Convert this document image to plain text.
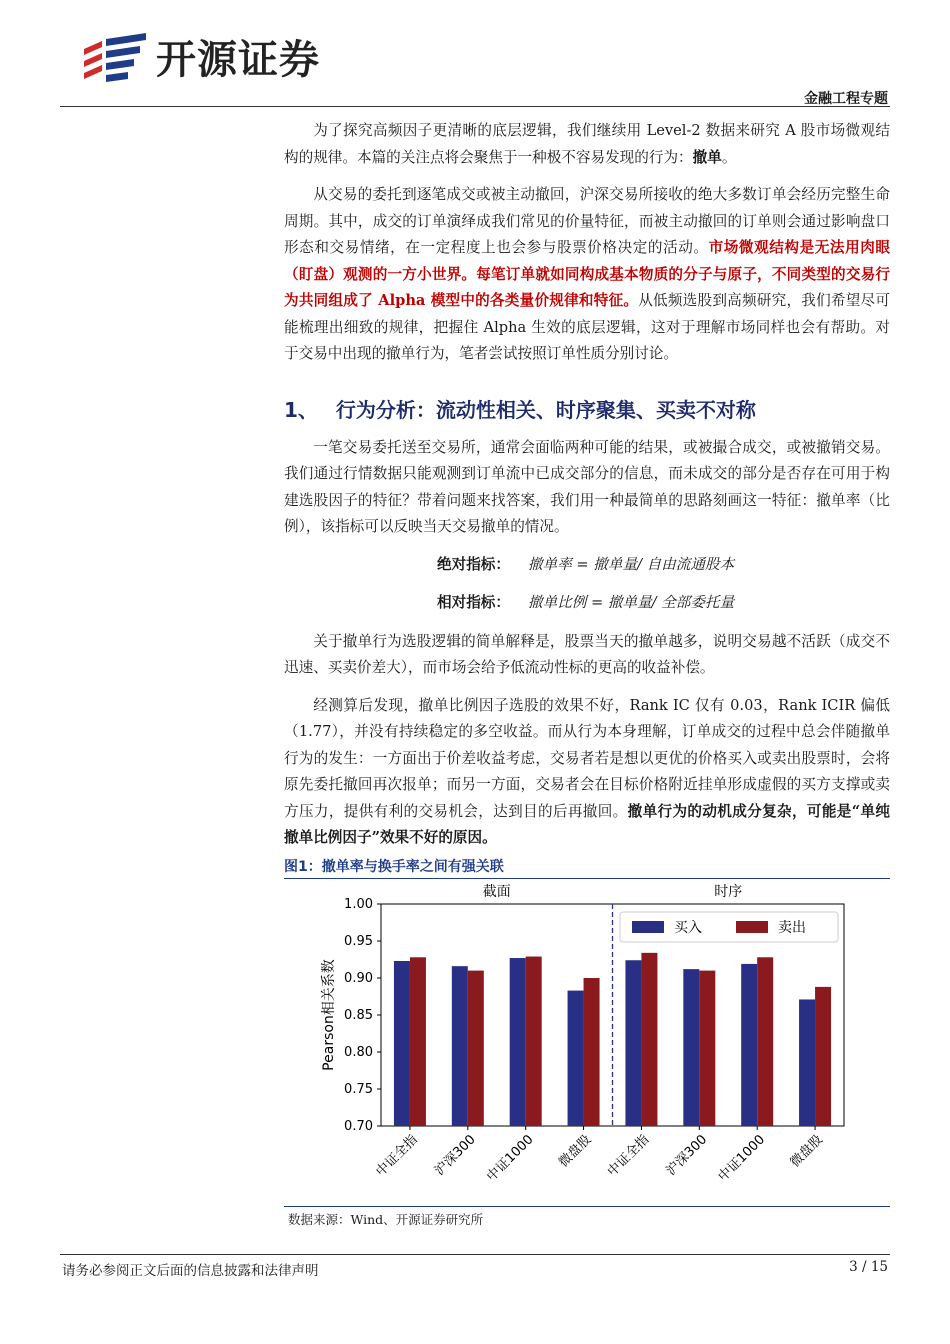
开源证券
金融工程专题

为了探究高频因子更清晰的底层逻辑，我们继续用 Level-2 数据来研究 A 股市场微观结构的规律。本篇的关注点将会聚焦于一种极不容易发现的行为：撤单。

从交易的委托到逐笔成交或被主动撤回，沪深交易所接收的绝大多数订单会经历完整生命周期。其中，成交的订单演绎成我们常见的价量特征，而被主动撤回的订单则会通过影响盘口形态和交易情绪，在一定程度上也会参与股票价格决定的活动。市场微观结构是无法用肉眼（盯盘）观测的一方小世界。每笔订单就如同构成基本物质的分子与原子，不同类型的交易行为共同组成了 Alpha 模型中的各类量价规律和特征。从低频选股到高频研究，我们希望尽可能梳理出细致的规律，把握住 Alpha 生效的底层逻辑，这对于理解市场同样也会有帮助。对于交易中出现的撤单行为，笔者尝试按照订单性质分别讨论。

1、 行为分析：流动性相关、时序聚集、买卖不对称

一笔交易委托送至交易所，通常会面临两种可能的结果，或被撮合成交，或被撤销交易。我们通过行情数据只能观测到订单流中已成交部分的信息，而未成交的部分是否存在可用于构建选股因子的特征？带着问题来找答案，我们用一种最简单的思路刻画这一特征：撤单率（比例），该指标可以反映当天交易撤单的情况。

绝对指标： 撤单率 = 撤单量/ 自由流通股本
相对指标： 撤单比例 = 撤单量/ 全部委托量

关于撤单行为选股逻辑的简单解释是，股票当天的撤单越多，说明交易越不活跃（成交不迅速、买卖价差大），而市场会给予低流动性标的更高的收益补偿。

经测算后发现，撤单比例因子选股的效果不好，Rank IC 仅有 0.03，Rank ICIR 偏低（1.77），并没有持续稳定的多空收益。而从行为本身理解，订单成交的过程中总会伴随撤单行为的发生：一方面出于价差收益考虑，交易者若是想以更优的价格买入或卖出股票时，会将原先委托撤回再次报单；而另一方面，交易者会在目标价格附近挂单形成虚假的买方支撑或卖方压力，提供有利的交易机会，达到目的后再撤回。撤单行为的动机成分复杂，可能是“单纯撤单比例因子”效果不好的原因。

图1：撤单率与换手率之间有强关联
0.70
0.75
0.80
0.85
0.90
0.95
1.00
Pearson相关系数
截面	时序
中证全指 沪深300 中证1000 微盘股 中证全指 沪深300 中证1000 微盘股
买入	卖出
数据来源：Wind、开源证券研究所
请务必参阅正文后面的信息披露和法律声明	3 / 15
